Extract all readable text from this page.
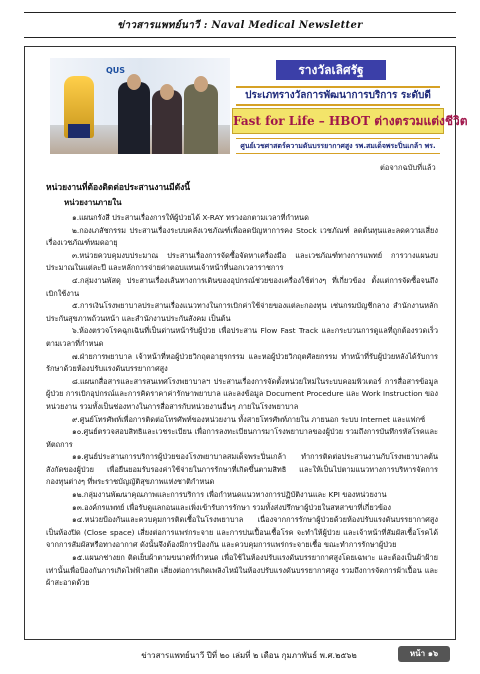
ข่าวสารแพทย์นาวี : Naval Medical Newsletter
QUS	รางวัลเลิศรัฐ
ประเภทรางวัลการพัฒนาการบริการ ระดับดี
Fast for Life – HBOT ต่างตรวมแต่งชีวิต
ศูนย์เวชศาสตร์ความดันบรรยากาศสูง รพ.สมเด็จพระปิ่นเกล้า พร.
ต่อจากฉบับที่แล้ว

หน่วยงานที่ต้องติดต่อประสานงานมีดังนี้

หน่วยงานภายใน

๑.แผนกรังสี ประสานเรื่องการให้ผู้ป่วยได้ X-RAY ทรวงอกตามเวลาที่กำหนด

๒.กองเภสัชกรรม ประสานเรื่องระบบคลังเวชภัณฑ์เพื่อลดปัญหาการคง Stock เวชภัณฑ์ ลดต้นทุนและลดความเสี่ยงเรื่องเวชภัณฑ์หมดอายุ

๓.หน่วยควบคุมงบประมาณ ประสานเรื่องการจัดซื้อจัดหาเครื่องมือ และเวชภัณฑ์ทางการแพทย์ การวางแผนงบประมาณในแต่ละปี และหลักการจ่ายค่าตอบแทนเจ้าหน้าที่นอกเวลาราชการ

๔.กลุ่มงานพัสดุ ประสานเรื่องเส้นทางการเดินของอุปกรณ์ช่วยของเครื่องใช้ต่างๆ ที่เกี่ยวข้อง ตั้งแต่การจัดซื้อจนถึงเบิกใช้งาน

๕.การเงินโรงพยาบาลประสานเรื่องแนวทางในการเบิกค่าใช้จ่ายของแต่ละกองทุน เช่นกรมบัญชีกลาง สำนักงานหลักประกันสุขภาพถ้วนหน้า และสำนักงานประกันสังคม เป็นต้น

๖.ห้องตรวจโรคฉุกเฉินที่เป็นด่านหน้ารับผู้ป่วย เพื่อประสาน Flow Fast Track และกระบวนการดูแลที่ถูกต้องรวดเร็วตามเวลาที่กำหนด

๗.ฝ่ายการพยาบาล เจ้าหน้าที่หอผู้ป่วยวิกฤตอายุรกรรม และหอผู้ป่วยวิกฤตศัลยกรรม ทำหน้าที่รับผู้ป่วยหลังได้รับการรักษาด้วยห้องปรับแรงดันบรรยากาศสูง

๘.แผนกสื่อสารและสารสนเทศโรงพยาบาลฯ ประสานเรื่องการจัดตั้งหน่วยใหม่ในระบบคอมพิวเตอร์ การสื่อสารข้อมูลผู้ป่วย การเบิกอุปกรณ์และการคิดราคาค่ารักษาพยาบาล และลงข้อมูล Document Procedure และ Work Instruction ของหน่วยงาน รวมทั้งเป็นช่องทางในการสื่อสารกับหน่วยงานอื่นๆ ภายในโรงพยาบาล

๙.ศูนย์โทรศัพท์เพื่อการติดต่อโทรศัพท์ของหน่วยงาน ทั้งสายโทรศัพท์ภายใน ภายนอก ระบบ Internet และแฟกซ์

๑๐.ศูนย์ตรวจสอบสิทธิและเวชระเบียน เพื่อการลงทะเบียนการมาโรงพยาบาลของผู้ป่วย รวมถึงการบันทึกรหัสโรคและหัตถการ

๑๑.ศูนย์ประสานการบริการผู้ป่วยของโรงพยาบาลสมเด็จพระปิ่นเกล้า ทำการติดต่อประสานงานกับโรงพยาบาลต้นสังกัดของผู้ป่วย เพื่อยืนยอมรับรองค่าใช้จ่ายในการรักษาที่เกิดขึ้นตามสิทธิ และให้เป็นไปตามแนวทางการบริหารจัดการกองทุนต่างๆ ที่พระราชบัญญัติสุขภาพแห่งชาติกำหนด

๑๒.กลุ่มงานพัฒนาคุณภาพและการบริการ เพื่อกำหนดแนวทางการปฏิบัติงานและ KPI ของหน่วยงาน

๑๓.องค์กรแพทย์ เพื่อรับดูแลกอนและเพิ่งเข้ารับการรักษา รวมทั้งส่งปรึกษาผู้ป่วยในสหสาขาที่เกี่ยวข้อง

๑๔.หน่วยป้องกันและควบคุมการติดเชื้อในโรงพยาบาล เนื่องจากการรักษาผู้ป่วยด้วยห้องปรับแรงดันบรรยากาศสูง เป็นห้องปิด (Close space) เสี่ยงต่อการแพร่กระจาย และการปนเปื้อนเชื้อโรค จะทำให้ผู้ป่วย และเจ้าหน้าที่สัมผัสเชื้อโรคได้ จากการสัมผัสหรือทางอากาศ ดังนั้นจึงต้องมีการป้องกัน และควบคุมการแพร่กระจายเชื้อ ขณะทำการรักษาผู้ป่วย

๑๕.แผนกช่างยก ติดเย็บผ้าตามขนาดที่กำหนด เพื่อใช้ในห้องปรับแรงดันบรรยากาศสูงโดยเฉพาะ และต้องเป็นผ้าฝ้ายเท่านั้นเพื่อป้องกันการเกิดไฟฟ้าสถิต เสี่ยงต่อการเกิดเพลิงไหม้ในห้องปรับแรงดันบรรยากาศสูง รวมถึงการจัดการผ้าเปื้อน และผ้าสะอาดด้วย

ข่าวสารแพทย์นาวี ปีที่ ๒๐ เล่มที่ ๒ เดือน กุมภาพันธ์ พ.ศ.๒๕๖๒	หน้า ๑๖
